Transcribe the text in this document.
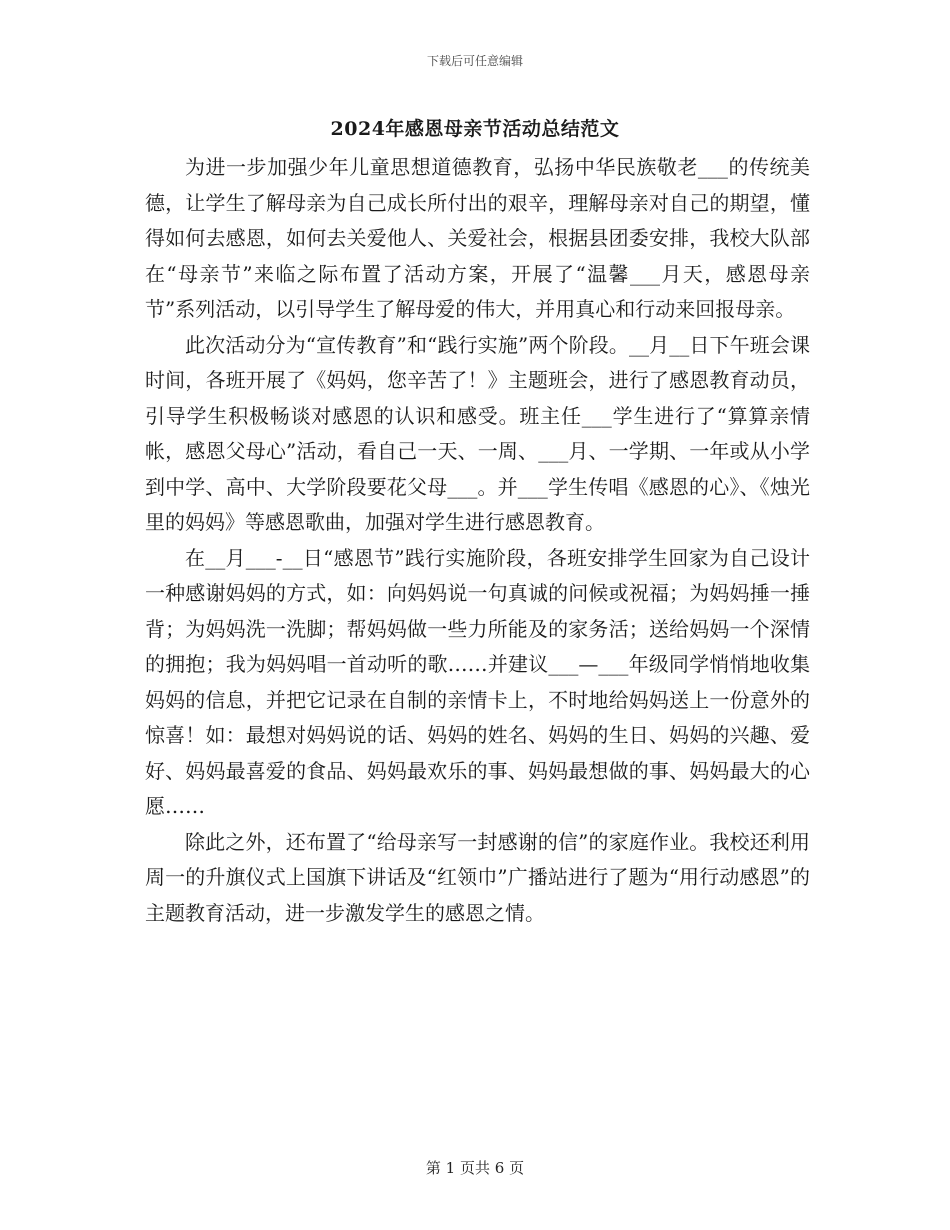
下载后可任意编辑
2024年感恩母亲节活动总结范文

为进一步加强少年儿童思想道德教育，弘扬中华民族敬老___的传统美德，让学生了解母亲为自己成长所付出的艰辛，理解母亲对自己的期望，懂得如何去感恩，如何去关爱他人、关爱社会，根据县团委安排，我校大队部在“母亲节”来临之际布置了活动方案，开展了“温馨___月天，感恩母亲节”系列活动，以引导学生了解母爱的伟大，并用真心和行动来回报母亲。

此次活动分为“宣传教育”和“践行实施”两个阶段。__月__日下午班会课时间，各班开展了《妈妈，您辛苦了！》主题班会，进行了感恩教育动员，引导学生积极畅谈对感恩的认识和感受。班主任___学生进行了“算算亲情帐，感恩父母心”活动，看自己一天、一周、___月、一学期、一年或从小学到中学、高中、大学阶段要花父母___。并___学生传唱《感恩的心》、《烛光里的妈妈》等感恩歌曲，加强对学生进行感恩教育。

在__月___-__日“感恩节”践行实施阶段，各班安排学生回家为自己设计一种感谢妈妈的方式，如：向妈妈说一句真诚的问候或祝福；为妈妈捶一捶背；为妈妈洗一洗脚；帮妈妈做一些力所能及的家务活；送给妈妈一个深情的拥抱；我为妈妈唱一首动听的歌……并建议___—___年级同学悄悄地收集妈妈的信息，并把它记录在自制的亲情卡上，不时地给妈妈送上一份意外的惊喜！如：最想对妈妈说的话、妈妈的姓名、妈妈的生日、妈妈的兴趣、爱好、妈妈最喜爱的食品、妈妈最欢乐的事、妈妈最想做的事、妈妈最大的心愿……

除此之外，还布置了“给母亲写一封感谢的信”的家庭作业。我校还利用周一的升旗仪式上国旗下讲话及“红领巾”广播站进行了题为“用行动感恩”的主题教育活动，进一步激发学生的感恩之情。

第 1 页共 6 页
